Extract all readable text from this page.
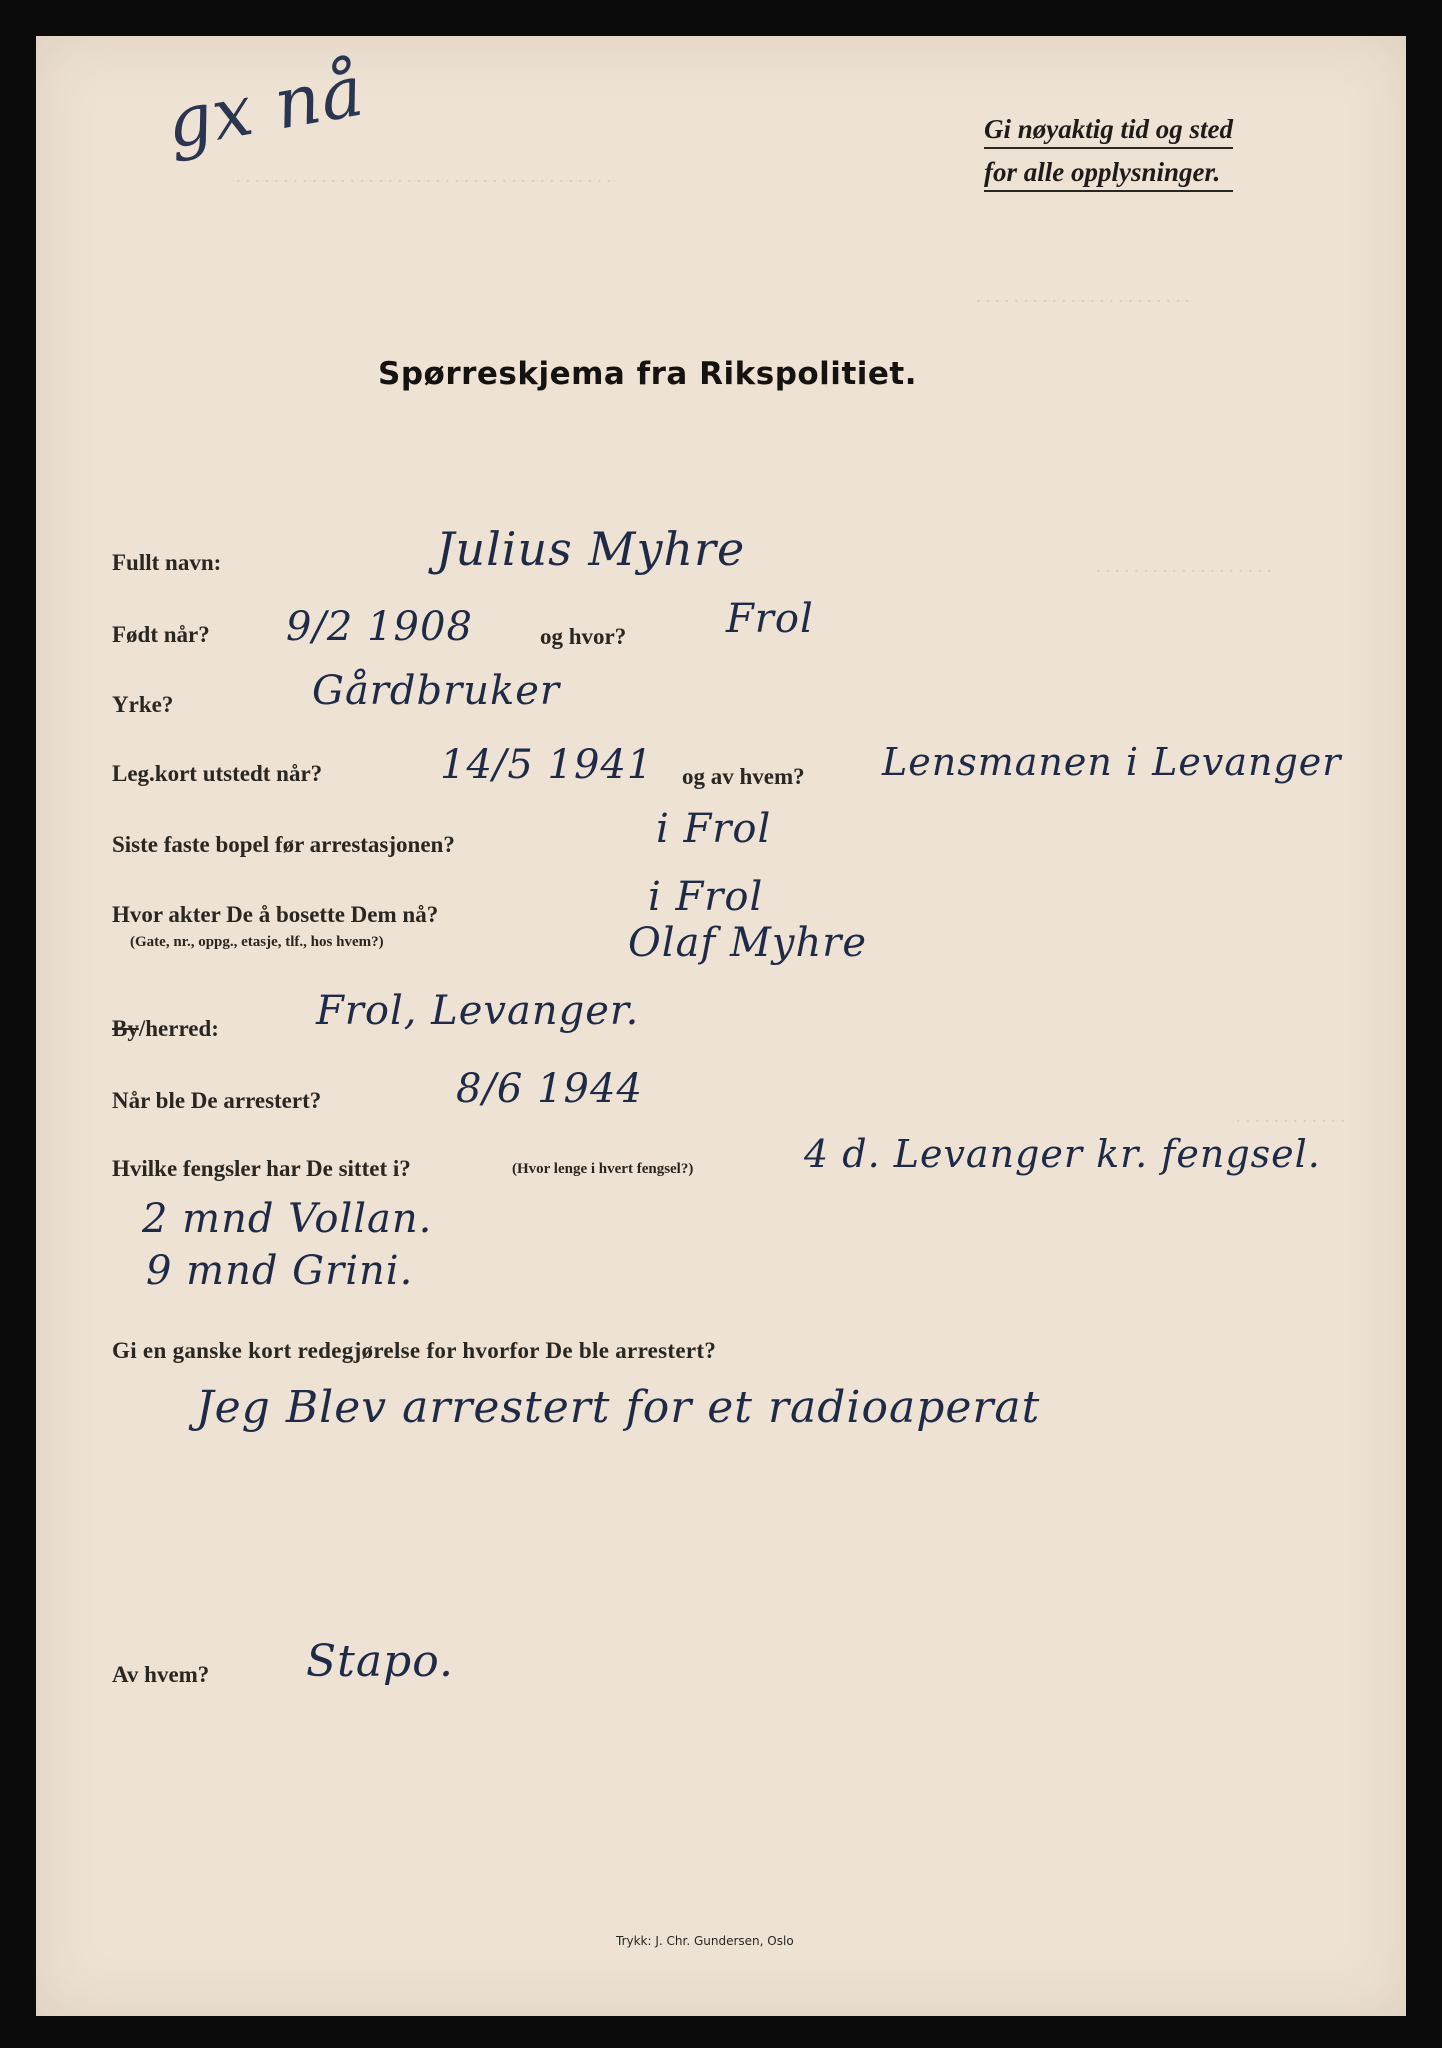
. . . . . . . . . . . . . . . . . . . . . . . . . . . . . . . . . . . . . . . .
. . . . . . . . . . . . . . . . . . . . . . .
. . . . . . . . . . . . . . . . . . .
. . . . . . . . . . . .
gx nå	Gi nøyaktig tid og sted
for alle opplysninger.
Spørreskjema fra Rikspolitiet.
Fullt navn:	Julius Myhre
Født når? 9/2 1908	og hvor? Frol
Yrke?	Gårdbruker
Leg.kort utstedt når?	14/5 1941 og av hvem? Lensmanen i Levanger
Siste faste bopel før arrestasjonen?	i Frol
Hvor akter De å bosette Dem nå?
(Gate, nr., oppg., etasje, tlf., hos hvem?)
i Frol
Olaf Myhre
By/herred: Frol, Levanger.
Når ble De arrestert?	8/6 1944
Hvilke fengsler har De sittet i?	(Hvor lenge i hvert fengsel?)	4 d. Levanger kr. fengsel.
2 mnd Vollan.
9 mnd Grini.
Gi en ganske kort redegjørelse for hvorfor De ble arrestert?
Jeg Blev arrestert for et radioaperat
Av hvem? Stapo.
Trykk: J. Chr. Gundersen, Oslo
